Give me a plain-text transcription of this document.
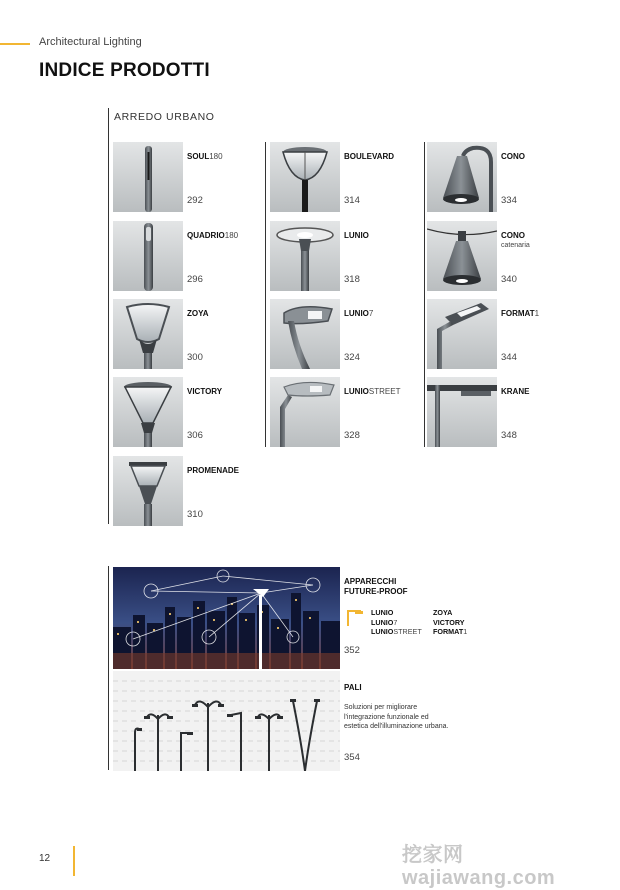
Architectural Lighting
INDICE PRODOTTI
ARREDO URBANO
SOUL180
292
QUADRIO180
296
ZOYA
300
VICTORY
306
PROMENADE
310
BOULEVARD
314
LUNIO
318
LUNIO7
324
LUNIOSTREET
328
CONO
334
CONO
catenaria
340
FORMAT1
344
KRANE
348
APPARECCHI
FUTURE-PROOF
LUNIO
LUNIO7
LUNIOSTREET
ZOYA
VICTORY
FORMAT1
352
PALI
Soluzioni per migliorare l'integrazione funzionale ed estetica dell'illuminazione urbana.
354
12	挖家网 wajiawang.com
